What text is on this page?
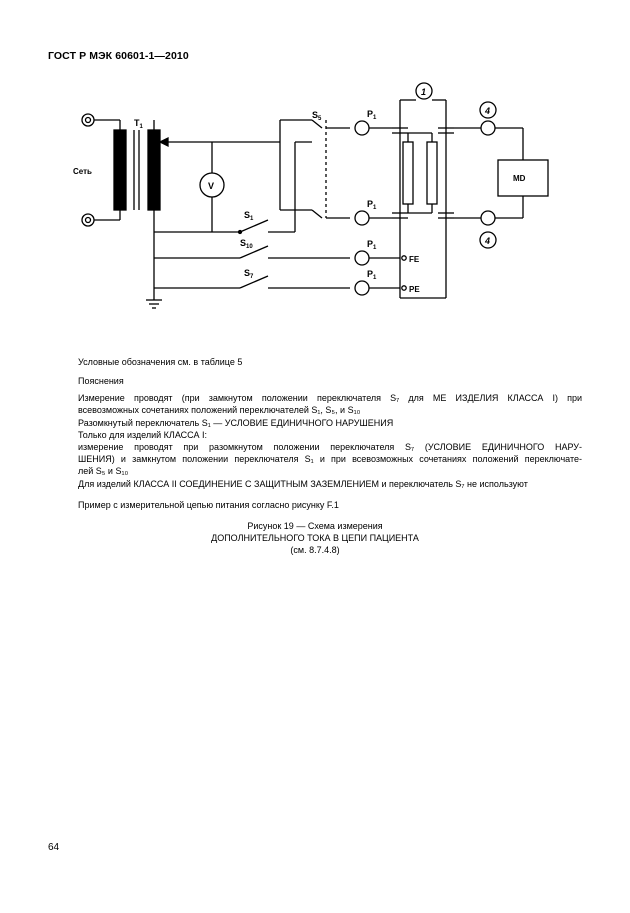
ГОСТ Р МЭК 60601-1—2010
Сеть
$T_1$
V
$S_5$
$S_1$
$S_{10}$
$S_7$
$P_1$
$P_1$
$P_1$
$P_1$
FE
PE
MD
1
4
4
Условные обозначения см. в таблице 5
Пояснения
Измерение проводят (при замкнутом положении переключателя S₇ для МЕ ИЗДЕЛИЯ КЛАССА I) при
всевозможных сочетаниях положений переключателей S₁, S₅, и S₁₀
Разомкнутый переключатель S₁ — УСЛОВИЕ ЕДИНИЧНОГО НАРУШЕНИЯ
Только для изделий КЛАССА I:
измерение проводят при разомкнутом положении переключателя S₇ (УСЛОВИЕ ЕДИНИЧНОГО НАРУ-
ШЕНИЯ) и замкнутом положении переключателя S₁ и при всевозможных сочетаниях положений переключате-
лей S₅ и S₁₀
Для изделий КЛАССА II СОЕДИНЕНИЕ С ЗАЩИТНЫМ ЗАЗЕМЛЕНИЕМ и переключатель S₇ не используют
Пример с измерительной цепью питания согласно рисунку F.1
Рисунок 19 — Схема измерения
ДОПОЛНИТЕЛЬНОГО ТОКА В ЦЕПИ ПАЦИЕНТА
(см. 8.7.4.8)
64
